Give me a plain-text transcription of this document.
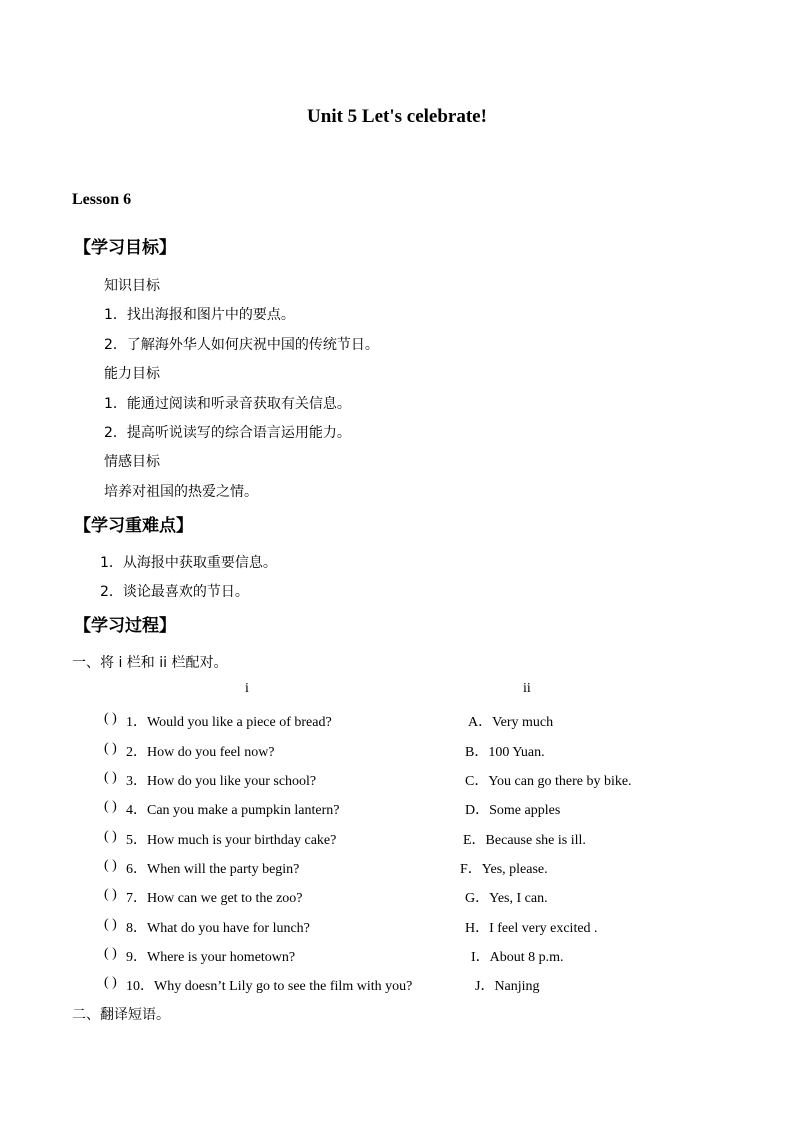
Unit 5 Let's celebrate!
Lesson 6
【学习目标】
知识目标
1．找出海报和图片中的要点。
2．了解海外华人如何庆祝中国的传统节日。
能力目标
1．能通过阅读和听录音获取有关信息。
2．提高听说读写的综合语言运用能力。
情感目标
培养对祖国的热爱之情。
【学习重难点】
1．从海报中获取重要信息。
2．谈论最喜欢的节日。
【学习过程】
一、将 i 栏和 ii 栏配对。
i	ii
( ) 1．Would you like a piece of bread?
( ) 2．How do you feel now?
( ) 3．How do you like your school?
( ) 4．Can you make a pumpkin lantern?
( ) 5．How much is your birthday cake?
( ) 6．When will the party begin?
( ) 7．How can we get to the zoo?
( ) 8．What do you have for lunch?
( ) 9．Where is your hometown?
( ) 10．Why doesn’t Lily go to see the film with you?
A．Very much
B．100 Yuan.
C．You can go there by bike.
D．Some apples
E．Because she is ill.
F．Yes, please.
G．Yes, I can.
H．I feel very excited .
I．About 8 p.m.
J．Nanjing
二、翻译短语。
